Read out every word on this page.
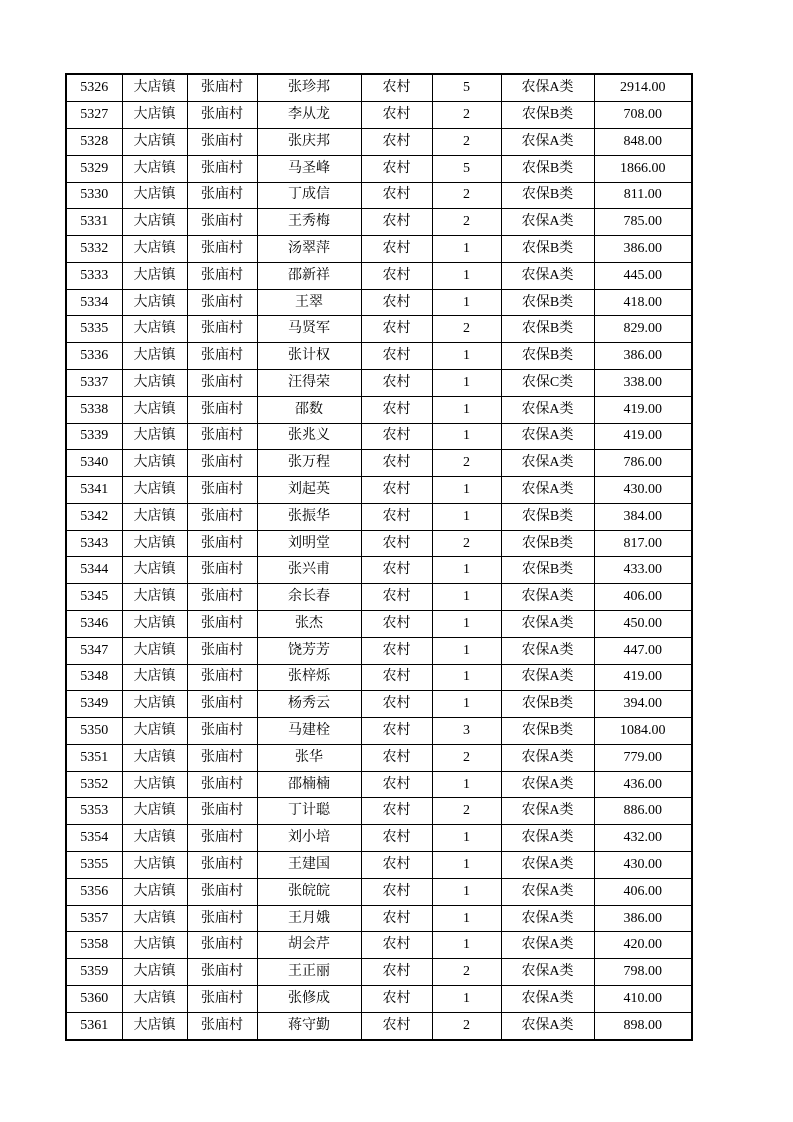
5326	大店镇	张庙村	张珍邦	农村	5	农保A类	2914.00
5327	大店镇	张庙村	李从龙	农村	2	农保B类	708.00
5328	大店镇	张庙村	张庆邦	农村	2	农保A类	848.00
5329	大店镇	张庙村	马圣峰	农村	5	农保B类	1866.00
5330	大店镇	张庙村	丁成信	农村	2	农保B类	811.00
5331	大店镇	张庙村	王秀梅	农村	2	农保A类	785.00
5332	大店镇	张庙村	汤翠萍	农村	1	农保B类	386.00
5333	大店镇	张庙村	邵新祥	农村	1	农保A类	445.00
5334	大店镇	张庙村	王翠	农村	1	农保B类	418.00
5335	大店镇	张庙村	马贤军	农村	2	农保B类	829.00
5336	大店镇	张庙村	张计权	农村	1	农保B类	386.00
5337	大店镇	张庙村	汪得荣	农村	1	农保C类	338.00
5338	大店镇	张庙村	邵数	农村	1	农保A类	419.00
5339	大店镇	张庙村	张兆义	农村	1	农保A类	419.00
5340	大店镇	张庙村	张万程	农村	2	农保A类	786.00
5341	大店镇	张庙村	刘起英	农村	1	农保A类	430.00
5342	大店镇	张庙村	张振华	农村	1	农保B类	384.00
5343	大店镇	张庙村	刘明堂	农村	2	农保B类	817.00
5344	大店镇	张庙村	张兴甫	农村	1	农保B类	433.00
5345	大店镇	张庙村	余长春	农村	1	农保A类	406.00
5346	大店镇	张庙村	张杰	农村	1	农保A类	450.00
5347	大店镇	张庙村	饶芳芳	农村	1	农保A类	447.00
5348	大店镇	张庙村	张梓烁	农村	1	农保A类	419.00
5349	大店镇	张庙村	杨秀云	农村	1	农保B类	394.00
5350	大店镇	张庙村	马建栓	农村	3	农保B类	1084.00
5351	大店镇	张庙村	张华	农村	2	农保A类	779.00
5352	大店镇	张庙村	邵楠楠	农村	1	农保A类	436.00
5353	大店镇	张庙村	丁计聪	农村	2	农保A类	886.00
5354	大店镇	张庙村	刘小培	农村	1	农保A类	432.00
5355	大店镇	张庙村	王建国	农村	1	农保A类	430.00
5356	大店镇	张庙村	张皖皖	农村	1	农保A类	406.00
5357	大店镇	张庙村	王月娥	农村	1	农保A类	386.00
5358	大店镇	张庙村	胡会芹	农村	1	农保A类	420.00
5359	大店镇	张庙村	王正丽	农村	2	农保A类	798.00
5360	大店镇	张庙村	张修成	农村	1	农保A类	410.00
5361	大店镇	张庙村	蒋守勤	农村	2	农保A类	898.00
